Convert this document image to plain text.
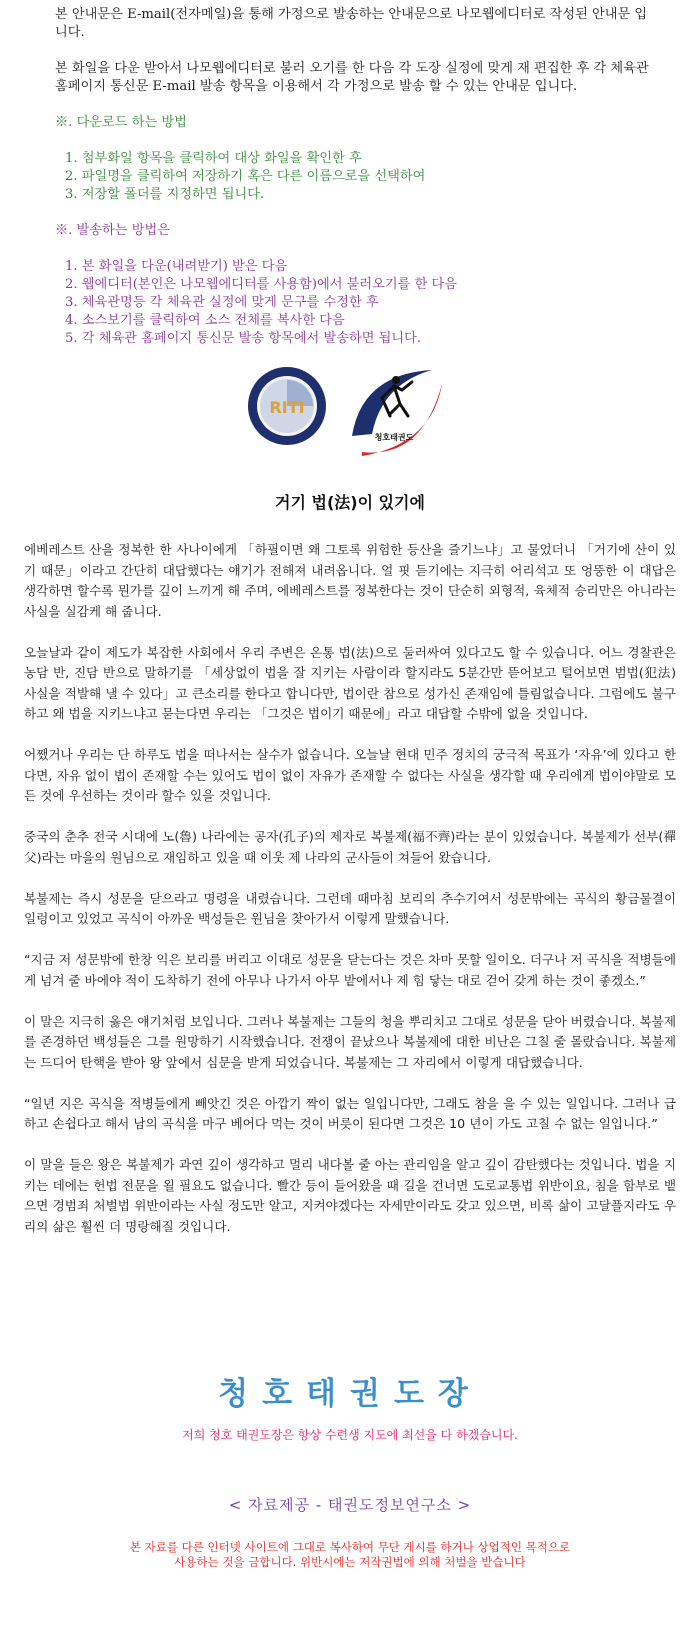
본 안내문은 E-mail(전자메일)을 통해 가정으로 발송하는 안내문으로 나모웹에디터로 작성된 안내문 입니다.

본 화일을 다운 받아서 나모웹에디터로 불러 오기를 한 다음 각 도장 실정에 맞게 재 편집한 후 각 체육관 홈페이지 통신문 E-mail 발송 항목을 이용해서 각 가정으로 발송 할 수 있는 안내문 입니다.

※. 다운로드 하는 방법

1. 첨부화일 항목을 클릭하여 대상 화일을 확인한 후
2. 파일명을 클릭하여 저장하기 혹은 다른 이름으로을 선택하여
3. 저장할 폴더를 지정하면 됩니다.

※. 발송하는 방법은

1. 본 화일을 다운(내려받기) 받은 다음
2. 웹에디터(본인은 나모웹에디터를 사용함)에서 불러오기를 한 다음
3. 체육관명등 각 체육관 실정에 맞게 문구를 수정한 후
4. 소스보기를 클릭하여 소스 전체를 복사한 다음
5. 각 체육관 홈페이지 통신문 발송 항목에서 발송하면 됩니다.
RITI
청호태권도
거기 법(法)이 있기에

에베레스트 산을 정복한 한 사나이에게 「하필이면 왜 그토록 위험한 등산을 즐기느냐」고 물었더니 「거기에 산이 있기 때문」이라고 간단히 대답했다는 얘기가 전해져 내려옵니다. 얼 핏 듣기에는 지극히 어리석고 또 엉뚱한 이 대답은 생각하면 할수록 뭔가를 깊이 느끼게 해 주며, 에베레스트를 정복한다는 것이 단순히 외형적, 육체적 승리만은 아니라는 사실을 실감케 해 줍니다.

오늘날과 같이 제도가 복잡한 사회에서 우리 주변은 온통 법(法)으로 둘러싸여 있다고도 할 수 있습니다. 어느 경찰관은 농담 반, 진담 반으로 말하기를 「세상없이 법을 잘 지키는 사람이라 할지라도 5분간만 뜯어보고 털어보면 범법(犯法) 사실을 적발해 낼 수 있다」고 큰소리를 한다고 합니다만, 법이란 참으로 성가신 존재임에 틀림없습니다. 그럼에도 불구하고 왜 법을 지키느냐고 묻는다면 우리는 「그것은 법이기 때문에」라고 대답할 수밖에 없을 것입니다.

어쨌거나 우리는 단 하루도 법을 떠나서는 살수가 없습니다. 오늘날 현대 민주 정치의 궁극적 목표가 ‘자유’에 있다고 한다면, 자유 없이 법이 존재할 수는 있어도 법이 없이 자유가 존재할 수 없다는 사실을 생각할 때 우리에게 법이야말로 모든 것에 우선하는 것이라 할수 있을 것입니다.

중국의 춘추 전국 시대에 노(魯) 나라에는 공자(孔子)의 제자로 복불제(福不齊)라는 분이 있었습니다. 복불제가 선부(禪父)라는 마을의 원님으로 재임하고 있을 때 이웃 제 나라의 군사들이 쳐들어 왔습니다.

복불제는 즉시 성문을 닫으라고 명령을 내렸습니다. 그런데 때마침 보리의 추수기여서 성문밖에는 곡식의 황금물결이 일렁이고 있었고 곡식이 아까운 백성들은 원님을 찾아가서 이렇게 말했습니다.

“지금 저 성문밖에 한창 익은 보리를 버리고 이대로 성문을 닫는다는 것은 차마 못할 일이오. 더구나 저 곡식을 적병들에게 넘겨 줄 바에야 적이 도착하기 전에 아무나 나가서 아무 밭에서나 제 힘 닿는 대로 걷어 갖게 하는 것이 좋겠소.”

이 말은 지극히 옳은 얘기처럼 보입니다. 그러나 복불제는 그들의 청을 뿌리치고 그대로 성문을 닫아 버렸습니다. 복불제를 존경하던 백성들은 그를 원망하기 시작했습니다. 전쟁이 끝났으나 복불제에 대한 비난은 그칠 줄 몰랐습니다. 복불제는 드디어 탄핵을 받아 왕 앞에서 심문을 받게 되었습니다. 복불제는 그 자리에서 이렇게 대답했습니다.

“일년 지은 곡식을 적병들에게 빼앗긴 것은 아깝기 짝이 없는 일입니다만, 그래도 참을 을 수 있는 일입니다. 그러나 급하고 손쉽다고 해서 남의 곡식을 마구 베어다 먹는 것이 버릇이 된다면 그것은 10 년이 가도 고칠 수 없는 일입니다.”

이 말을 들은 왕은 복불제가 과연 깊이 생각하고 멀리 내다볼 줄 아는 관리임을 알고 깊이 감탄했다는 것입니다. 법을 지키는 데에는 헌법 전문을 욀 필요도 없습니다. 빨간 등이 들어왔을 때 길을 건너면 도로교통법 위반이요, 침을 함부로 뱉으면 경범죄 처벌법 위반이라는 사실 정도만 알고, 지켜야겠다는 자세만이라도 갖고 있으면, 비록 삶이 고달플지라도 우리의 삶은 훨씬 더 명랑해질 것입니다.

청호태권도장
저희 청호 태권도장은 항상 수련생 지도에 최선을 다 하겠습니다.
< 자료제공 - 태권도정보연구소 >
본 자료를 다른 인터넷 사이트에 그대로 복사하여 무단 게시를 하거나 상업적인 목적으로
사용하는 것을 금합니다. 위반시에는 저작권법에 의해 처벌을 받습니다
